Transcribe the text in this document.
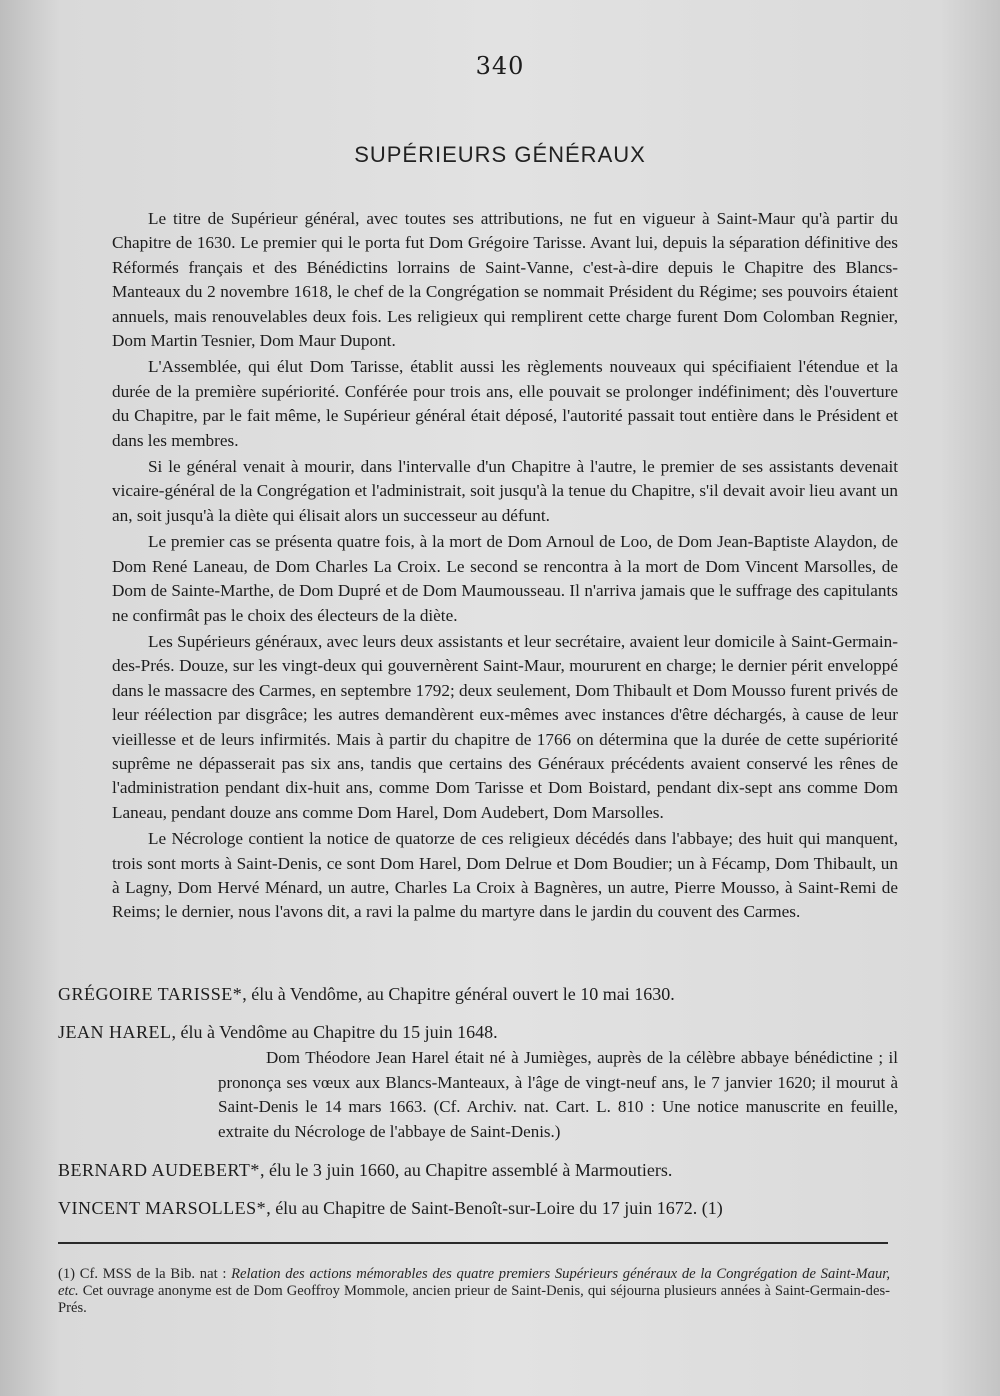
340
SUPÉRIEURS GÉNÉRAUX

Le titre de Supérieur général, avec toutes ses attributions, ne fut en vigueur à Saint-Maur qu'à partir du Chapitre de 1630. Le premier qui le porta fut Dom Grégoire Tarisse. Avant lui, depuis la séparation définitive des Réformés français et des Bénédictins lorrains de Saint-Vanne, c'est-à-dire depuis le Chapitre des Blancs-Manteaux du 2 novembre 1618, le chef de la Congrégation se nommait Président du Régime; ses pouvoirs étaient annuels, mais renouvelables deux fois. Les religieux qui remplirent cette charge furent Dom Colomban Regnier, Dom Martin Tesnier, Dom Maur Dupont.

L'Assemblée, qui élut Dom Tarisse, établit aussi les règlements nouveaux qui spécifiaient l'étendue et la durée de la première supériorité. Conférée pour trois ans, elle pouvait se prolonger indéfiniment; dès l'ouverture du Chapitre, par le fait même, le Supérieur général était déposé, l'autorité passait tout entière dans le Président et dans les membres.

Si le général venait à mourir, dans l'intervalle d'un Chapitre à l'autre, le premier de ses assistants devenait vicaire-général de la Congrégation et l'administrait, soit jusqu'à la tenue du Chapitre, s'il devait avoir lieu avant un an, soit jusqu'à la diète qui élisait alors un successeur au défunt.

Le premier cas se présenta quatre fois, à la mort de Dom Arnoul de Loo, de Dom Jean-Baptiste Alaydon, de Dom René Laneau, de Dom Charles La Croix. Le second se rencontra à la mort de Dom Vincent Marsolles, de Dom de Sainte-Marthe, de Dom Dupré et de Dom Maumousseau. Il n'arriva jamais que le suffrage des capitulants ne confirmât pas le choix des électeurs de la diète.

Les Supérieurs généraux, avec leurs deux assistants et leur secrétaire, avaient leur domicile à Saint-Germain-des-Prés. Douze, sur les vingt-deux qui gouvernèrent Saint-Maur, moururent en charge; le dernier périt enveloppé dans le massacre des Carmes, en septembre 1792; deux seulement, Dom Thibault et Dom Mousso furent privés de leur réélection par disgrâce; les autres demandèrent eux-mêmes avec instances d'être déchargés, à cause de leur vieillesse et de leurs infirmités. Mais à partir du chapitre de 1766 on détermina que la durée de cette supériorité suprême ne dépasserait pas six ans, tandis que certains des Généraux précédents avaient conservé les rênes de l'administration pendant dix-huit ans, comme Dom Tarisse et Dom Boistard, pendant dix-sept ans comme Dom Laneau, pendant douze ans comme Dom Harel, Dom Audebert, Dom Marsolles.

Le Nécrologe contient la notice de quatorze de ces religieux décédés dans l'abbaye; des huit qui manquent, trois sont morts à Saint-Denis, ce sont Dom Harel, Dom Delrue et Dom Boudier; un à Fécamp, Dom Thibault, un à Lagny, Dom Hervé Ménard, un autre, Charles La Croix à Bagnères, un autre, Pierre Mousso, à Saint-Remi de Reims; le dernier, nous l'avons dit, a ravi la palme du martyre dans le jardin du couvent des Carmes.

GRÉGOIRE TARISSE*, élu à Vendôme, au Chapitre général ouvert le 10 mai 1630.
JEAN HAREL, élu à Vendôme au Chapitre du 15 juin 1648.
Dom Théodore Jean Harel était né à Jumièges, auprès de la célèbre abbaye bénédictine ; il prononça ses vœux aux Blancs-Manteaux, à l'âge de vingt-neuf ans, le 7 janvier 1620; il mourut à Saint-Denis le 14 mars 1663. (Cf. Archiv. nat. Cart. L. 810 : Une notice manuscrite en feuille, extraite du Nécrologe de l'abbaye de Saint-Denis.)
BERNARD AUDEBERT*, élu le 3 juin 1660, au Chapitre assemblé à Marmoutiers.
VINCENT MARSOLLES*, élu au Chapitre de Saint-Benoît-sur-Loire du 17 juin 1672. (1)
(1) Cf. MSS de la Bib. nat : Relation des actions mémorables des quatre premiers Supérieurs généraux de la Congrégation de Saint-Maur, etc. Cet ouvrage anonyme est de Dom Geoffroy Mommole, ancien prieur de Saint-Denis, qui séjourna plusieurs années à Saint-Germain-des-Prés.
